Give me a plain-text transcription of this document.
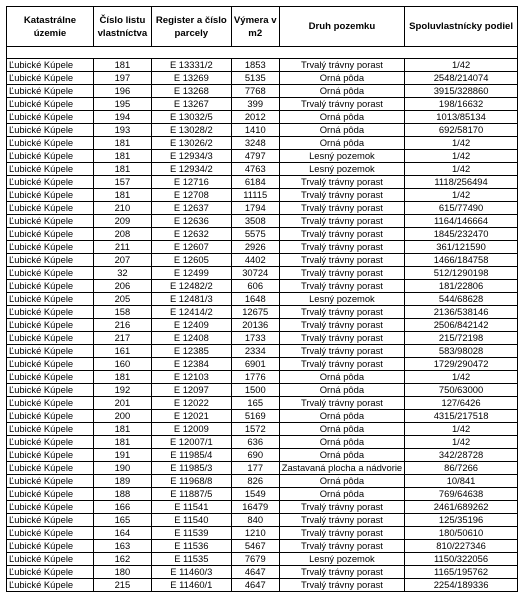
Katastrálne územie	Číslo listu vlastníctva	Register a číslo parcely	Výmera v m2	Druh pozemku	Spoluvlastnícky podiel

Ľubické Kúpele	181	E 13331/2	1853	Trvalý trávny porast	1/42
Ľubické Kúpele	197	E 13269	5135	Orná pôda	2548/214074
Ľubické Kúpele	196	E 13268	7768	Orná pôda	3915/328860
Ľubické Kúpele	195	E 13267	399	Trvalý trávny porast	198/16632
Ľubické Kúpele	194	E 13032/5	2012	Orná pôda	1013/85134
Ľubické Kúpele	193	E 13028/2	1410	Orná pôda	692/58170
Ľubické Kúpele	181	E 13026/2	3248	Orná pôda	1/42
Ľubické Kúpele	181	E 12934/3	4797	Lesný pozemok	1/42
Ľubické Kúpele	181	E 12934/2	4763	Lesný pozemok	1/42
Ľubické Kúpele	157	E 12716	6184	Trvalý trávny porast	1118/256494
Ľubické Kúpele	181	E 12708	11115	Trvalý trávny porast	1/42
Ľubické Kúpele	210	E 12637	1794	Trvalý trávny porast	615/77490
Ľubické Kúpele	209	E 12636	3508	Trvalý trávny porast	1164/146664
Ľubické Kúpele	208	E 12632	5575	Trvalý trávny porast	1845/232470
Ľubické Kúpele	211	E 12607	2926	Trvalý trávny porast	361/121590
Ľubické Kúpele	207	E 12605	4402	Trvalý trávny porast	1466/184758
Ľubické Kúpele	32	E 12499	30724	Trvalý trávny porast	512/1290198
Ľubické Kúpele	206	E 12482/2	606	Trvalý trávny porast	181/22806
Ľubické Kúpele	205	E 12481/3	1648	Lesný pozemok	544/68628
Ľubické Kúpele	158	E 12414/2	12675	Trvalý trávny porast	2136/538146
Ľubické Kúpele	216	E 12409	20136	Trvalý trávny porast	2506/842142
Ľubické Kúpele	217	E 12408	1733	Trvalý trávny porast	215/72198
Ľubické Kúpele	161	E 12385	2334	Trvalý trávny porast	583/98028
Ľubické Kúpele	160	E 12384	6901	Trvalý trávny porast	1729/290472
Ľubické Kúpele	181	E 12103	1776	Orná pôda	1/42
Ľubické Kúpele	192	E 12097	1500	Orná pôda	750/63000
Ľubické Kúpele	201	E 12022	165	Trvalý trávny porast	127/6426
Ľubické Kúpele	200	E 12021	5169	Orná pôda	4315/217518
Ľubické Kúpele	181	E 12009	1572	Orná pôda	1/42
Ľubické Kúpele	181	E 12007/1	636	Orná pôda	1/42
Ľubické Kúpele	191	E 11985/4	690	Orná pôda	342/28728
Ľubické Kúpele	190	E 11985/3	177	Zastavaná plocha a nádvorie	86/7266
Ľubické Kúpele	189	E 11968/8	826	Orná pôda	10/841
Ľubické Kúpele	188	E 11887/5	1549	Orná pôda	769/64638
Ľubické Kúpele	166	E 11541	16479	Trvalý trávny porast	2461/689262
Ľubické Kúpele	165	E 11540	840	Trvalý trávny porast	125/35196
Ľubické Kúpele	164	E 11539	1210	Trvalý trávny porast	180/50610
Ľubické Kúpele	163	E 11536	5467	Trvalý trávny porast	810/227346
Ľubické Kúpele	162	E 11535	7679	Lesný pozemok	1150/322056
Ľubické Kúpele	180	E 11460/3	4647	Trvalý trávny porast	1165/195762
Ľubické Kúpele	215	E 11460/1	4647	Trvalý trávny porast	2254/189336
